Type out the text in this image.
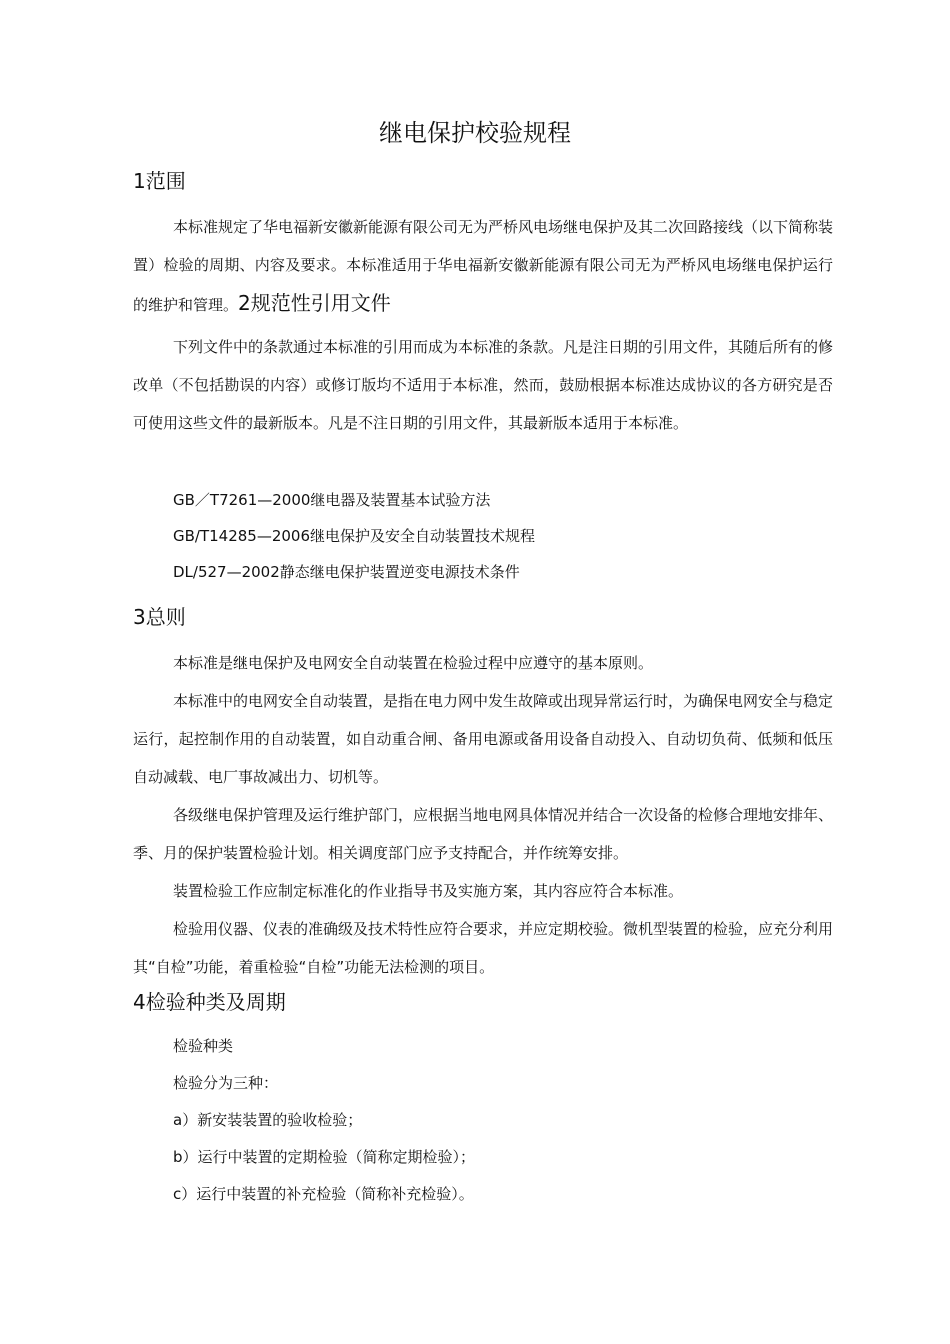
继电保护校验规程
1范围

本标准规定了华电福新安徽新能源有限公司无为严桥风电场继电保护及其二次回路接线（以下简称装置）检验的周期、内容及要求。本标准适用于华电福新安徽新能源有限公司无为严桥风电场继电保护运行的维护和管理。2规范性引用文件

下列文件中的条款通过本标准的引用而成为本标准的条款。凡是注日期的引用文件，其随后所有的修改单（不包括勘误的内容）或修订版均不适用于本标准，然而，鼓励根据本标准达成协议的各方研究是否可使用这些文件的最新版本。凡是不注日期的引用文件，其最新版本适用于本标准。

GB／T7261—2000继电器及装置基本试验方法

GB/T14285—2006继电保护及安全自动装置技术规程

DL/527—2002静态继电保护装置逆变电源技术条件

3总则

本标准是继电保护及电网安全自动装置在检验过程中应遵守的基本原则。

本标准中的电网安全自动装置，是指在电力网中发生故障或出现异常运行时，为确保电网安全与稳定运行，起控制作用的自动装置，如自动重合闸、备用电源或备用设备自动投入、自动切负荷、低频和低压自动减载、电厂事故减出力、切机等。

各级继电保护管理及运行维护部门，应根据当地电网具体情况并结合一次设备的检修合理地安排年、季、月的保护装置检验计划。相关调度部门应予支持配合，并作统筹安排。

装置检验工作应制定标准化的作业指导书及实施方案，其内容应符合本标准。

检验用仪器、仪表的准确级及技术特性应符合要求，并应定期校验。微机型装置的检验，应充分利用其“自检”功能，着重检验“自检”功能无法检测的项目。

4检验种类及周期

检验种类

检验分为三种：

a）新安装装置的验收检验；

b）运行中装置的定期检验（简称定期检验）；

c）运行中装置的补充检验（简称补充检验）。
